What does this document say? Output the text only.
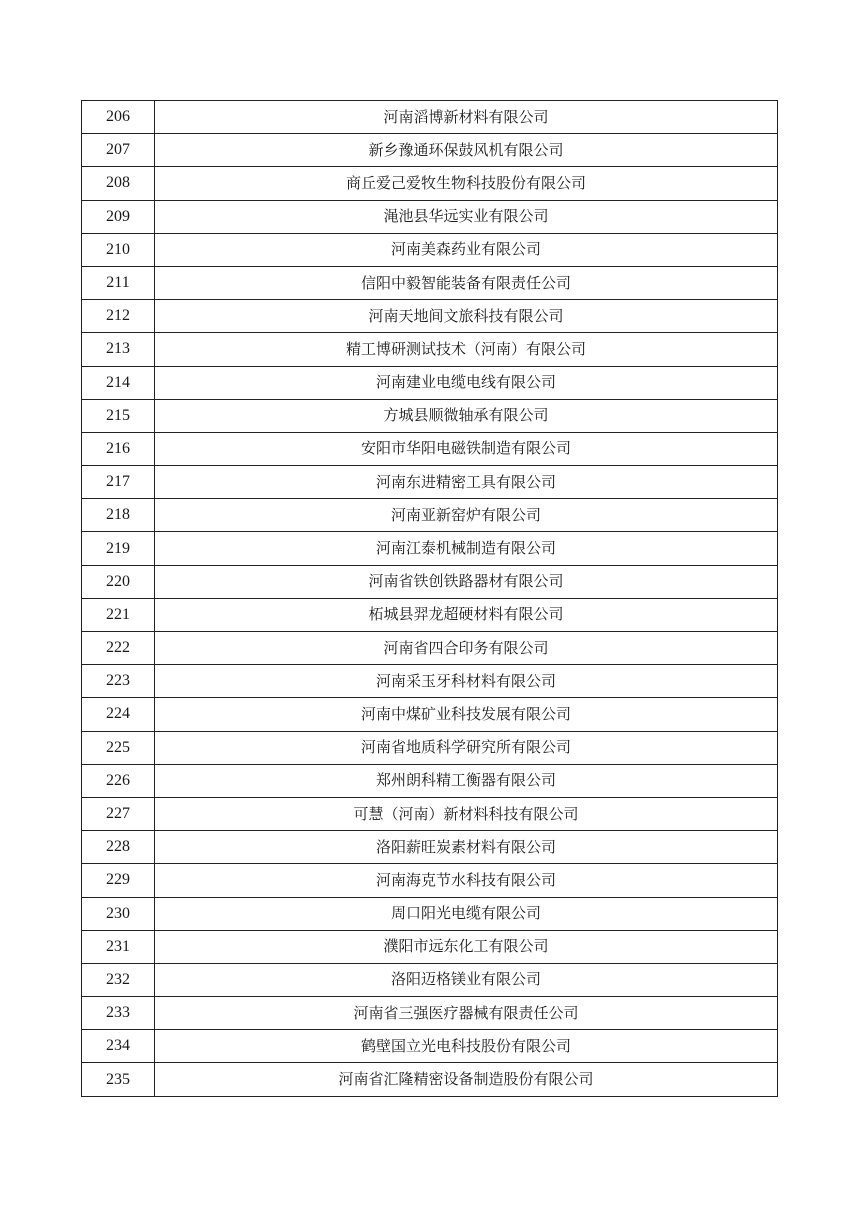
206	河南滔博新材料有限公司
207	新乡豫通环保鼓风机有限公司
208	商丘爱己爱牧生物科技股份有限公司
209	渑池县华远实业有限公司
210	河南美森药业有限公司
211	信阳中毅智能装备有限责任公司
212	河南天地间文旅科技有限公司
213	精工博研测试技术（河南）有限公司
214	河南建业电缆电线有限公司
215	方城县顺微轴承有限公司
216	安阳市华阳电磁铁制造有限公司
217	河南东进精密工具有限公司
218	河南亚新窑炉有限公司
219	河南江泰机械制造有限公司
220	河南省铁创铁路器材有限公司
221	柘城县羿龙超硬材料有限公司
222	河南省四合印务有限公司
223	河南采玉牙科材料有限公司
224	河南中煤矿业科技发展有限公司
225	河南省地质科学研究所有限公司
226	郑州朗科精工衡器有限公司
227	可慧（河南）新材料科技有限公司
228	洛阳薪旺炭素材料有限公司
229	河南海克节水科技有限公司
230	周口阳光电缆有限公司
231	濮阳市远东化工有限公司
232	洛阳迈格镁业有限公司
233	河南省三强医疗器械有限责任公司
234	鹤壁国立光电科技股份有限公司
235	河南省汇隆精密设备制造股份有限公司
